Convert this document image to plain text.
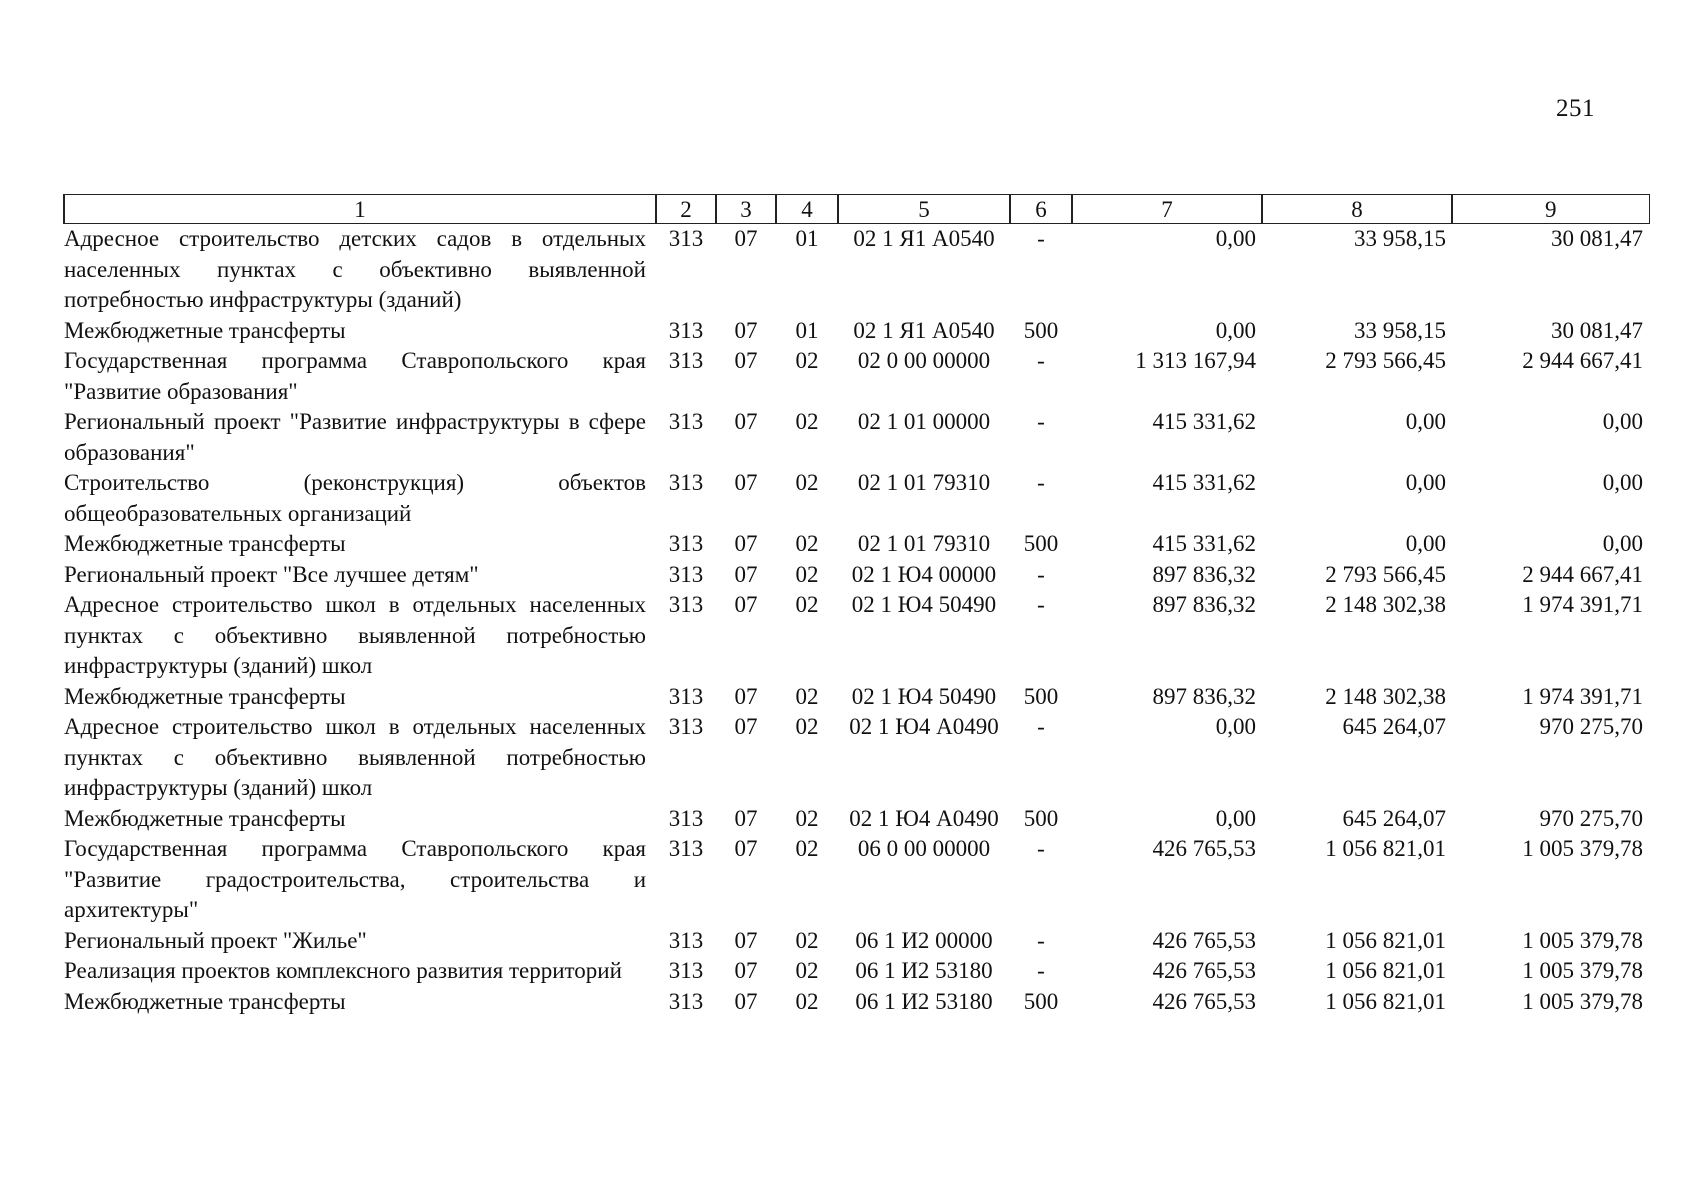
251
1	2	3	4	5	6	7	8	9
Адресное строительство детских садов в отдельных населенных пунктах с объективно выявленной потребностью инфраструктуры (зданий)	313	07	01	02 1 Я1 А0540	-	0,00	33 958,15	30 081,47
Межбюджетные трансферты	313	07	01	02 1 Я1 А0540	500	0,00	33 958,15	30 081,47
Государственная программа Ставропольского края "Развитие образования"	313	07	02	02 0 00 00000	-	1 313 167,94	2 793 566,45	2 944 667,41
Региональный проект "Развитие инфраструктуры в сфере образования"	313	07	02	02 1 01 00000	-	415 331,62	0,00	0,00
Строительство (реконструкция) объектов общеобразовательных организаций	313	07	02	02 1 01 79310	-	415 331,62	0,00	0,00
Межбюджетные трансферты	313	07	02	02 1 01 79310	500	415 331,62	0,00	0,00
Региональный проект "Все лучшее детям"	313	07	02	02 1 Ю4 00000	-	897 836,32	2 793 566,45	2 944 667,41
Адресное строительство школ в отдельных населенных пунктах с объективно выявленной потребностью инфраструктуры (зданий) школ	313	07	02	02 1 Ю4 50490	-	897 836,32	2 148 302,38	1 974 391,71
Межбюджетные трансферты	313	07	02	02 1 Ю4 50490	500	897 836,32	2 148 302,38	1 974 391,71
Адресное строительство школ в отдельных населенных пунктах с объективно выявленной потребностью инфраструктуры (зданий) школ	313	07	02	02 1 Ю4 А0490	-	0,00	645 264,07	970 275,70
Межбюджетные трансферты	313	07	02	02 1 Ю4 А0490	500	0,00	645 264,07	970 275,70
Государственная программа Ставропольского края "Развитие градостроительства, строительства и архитектуры"	313	07	02	06 0 00 00000	-	426 765,53	1 056 821,01	1 005 379,78
Региональный проект "Жилье"	313	07	02	06 1 И2 00000	-	426 765,53	1 056 821,01	1 005 379,78
Реализация проектов комплексного развития территорий	313	07	02	06 1 И2 53180	-	426 765,53	1 056 821,01	1 005 379,78
Межбюджетные трансферты	313	07	02	06 1 И2 53180	500	426 765,53	1 056 821,01	1 005 379,78
